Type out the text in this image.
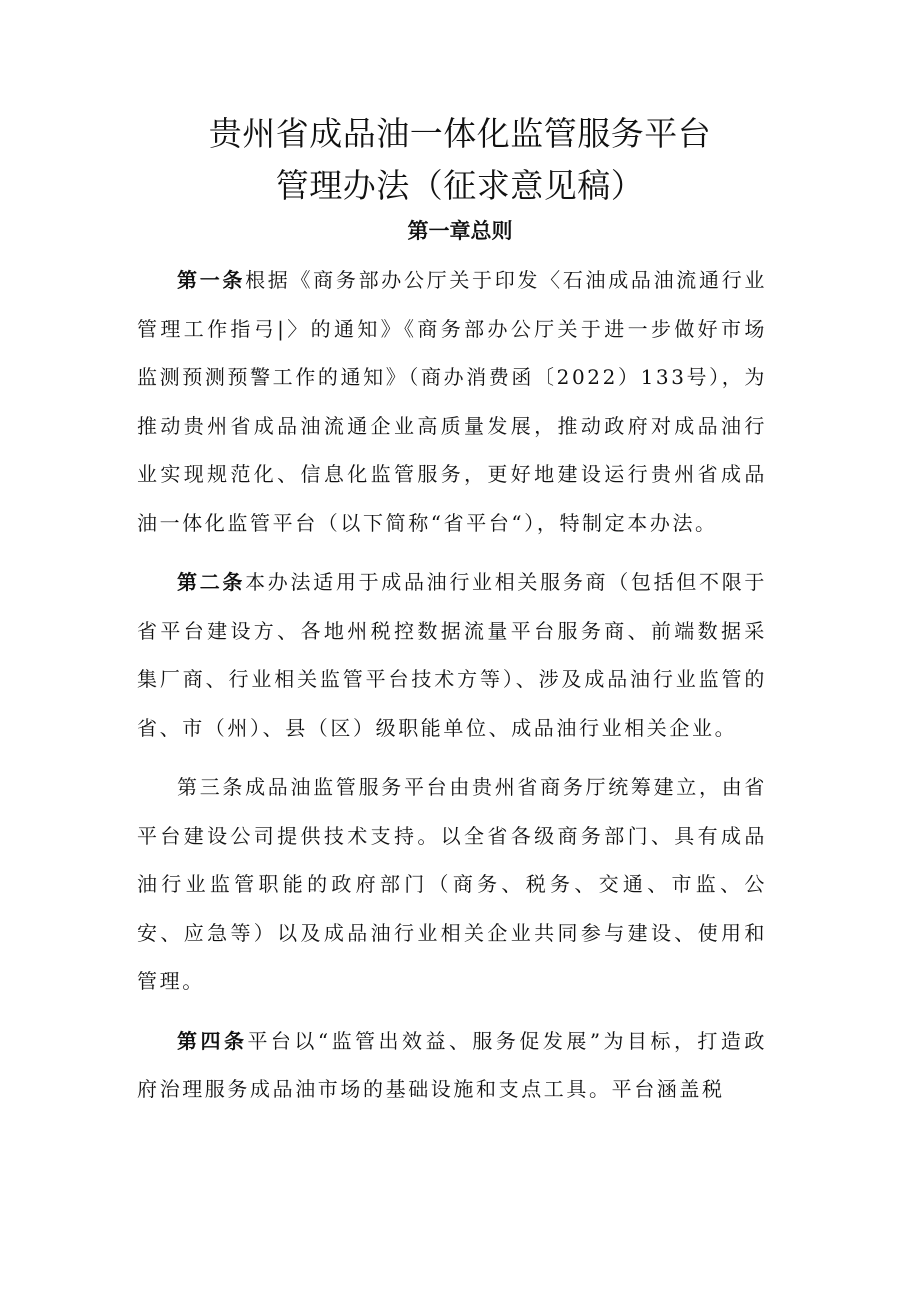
贵州省成品油一体化监管服务平台
管理办法（征求意见稿）
第一章总则

第一条根据《商务部办公厅关于印发〈石油成品油流通行业管理工作指弓|〉的通知》《商务部办公厅关于进一步做好市场监测预测预警工作的通知》（商办消费函〔2022）133号），为推动贵州省成品油流通企业高质量发展，推动政府对成品油行业实现规范化、信息化监管服务，更好地建设运行贵州省成品油一体化监管平台（以下简称“省平台“），特制定本办法。

第二条本办法适用于成品油行业相关服务商（包括但不限于省平台建设方、各地州税控数据流量平台服务商、前端数据采集厂商、行业相关监管平台技术方等）、涉及成品油行业监管的省、市（州）、县（区）级职能单位、成品油行业相关企业。

第三条成品油监管服务平台由贵州省商务厅统筹建立，由省平台建设公司提供技术支持。以全省各级商务部门、具有成品油行业监管职能的政府部门（商务、税务、交通、市监、公安、应急等）以及成品油行业相关企业共同参与建设、使用和管理。

第四条平台以“监管出效益、服务促发展”为目标，打造政府治理服务成品油市场的基础设施和支点工具。平台涵盖税
